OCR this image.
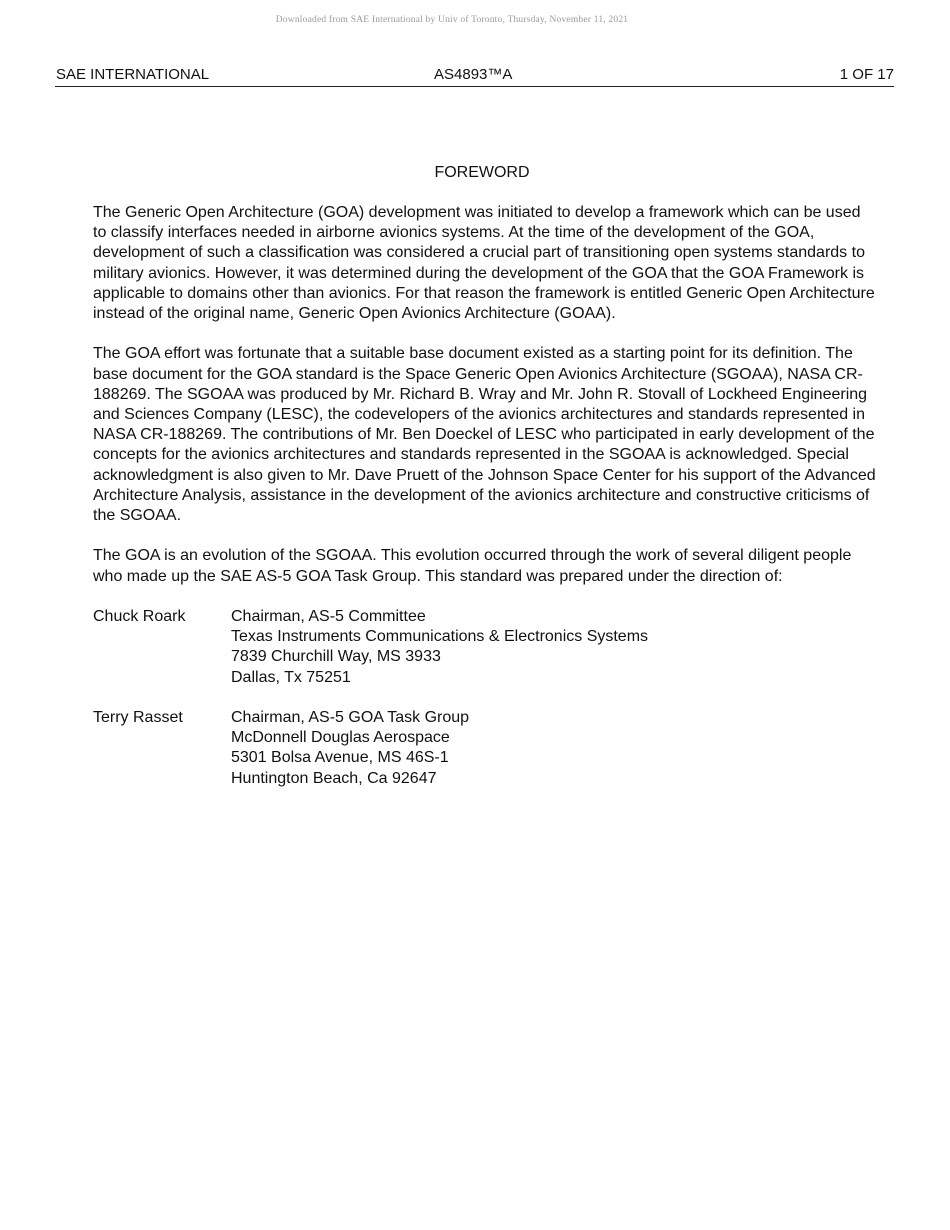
Downloaded from SAE International by Univ of Toronto, Thursday, November 11, 2021
SAE INTERNATIONAL	AS4893™A	1 OF 17
FOREWORD

The Generic Open Architecture (GOA) development was initiated to develop a framework which can be used to classify interfaces needed in airborne avionics systems. At the time of the development of the GOA, development of such a classification was considered a crucial part of transitioning open systems standards to military avionics. However, it was determined during the development of the GOA that the GOA Framework is applicable to domains other than avionics. For that reason the framework is entitled Generic Open Architecture instead of the original name, Generic Open Avionics Architecture (GOAA).

The GOA effort was fortunate that a suitable base document existed as a starting point for its definition. The base document for the GOA standard is the Space Generic Open Avionics Architecture (SGOAA), NASA CR-188269. The SGOAA was produced by Mr. Richard B. Wray and Mr. John R. Stovall of Lockheed Engineering and Sciences Company (LESC), the codevelopers of the avionics architectures and standards represented in NASA CR-188269. The contributions of Mr. Ben Doeckel of LESC who participated in early development of the concepts for the avionics architectures and standards represented in the SGOAA is acknowledged. Special acknowledgment is also given to Mr. Dave Pruett of the Johnson Space Center for his support of the Advanced Architecture Analysis, assistance in the development of the avionics architecture and constructive criticisms of the SGOAA.

The GOA is an evolution of the SGOAA. This evolution occurred through the work of several diligent people who made up the SAE AS-5 GOA Task Group. This standard was prepared under the direction of:

Chuck Roark	Chairman, AS-5 Committee
Texas Instruments Communications & Electronics Systems
7839 Churchill Way, MS 3933
Dallas, Tx 75251
Terry Rasset	Chairman, AS-5 GOA Task Group
McDonnell Douglas Aerospace
5301 Bolsa Avenue, MS 46S-1
Huntington Beach, Ca 92647
